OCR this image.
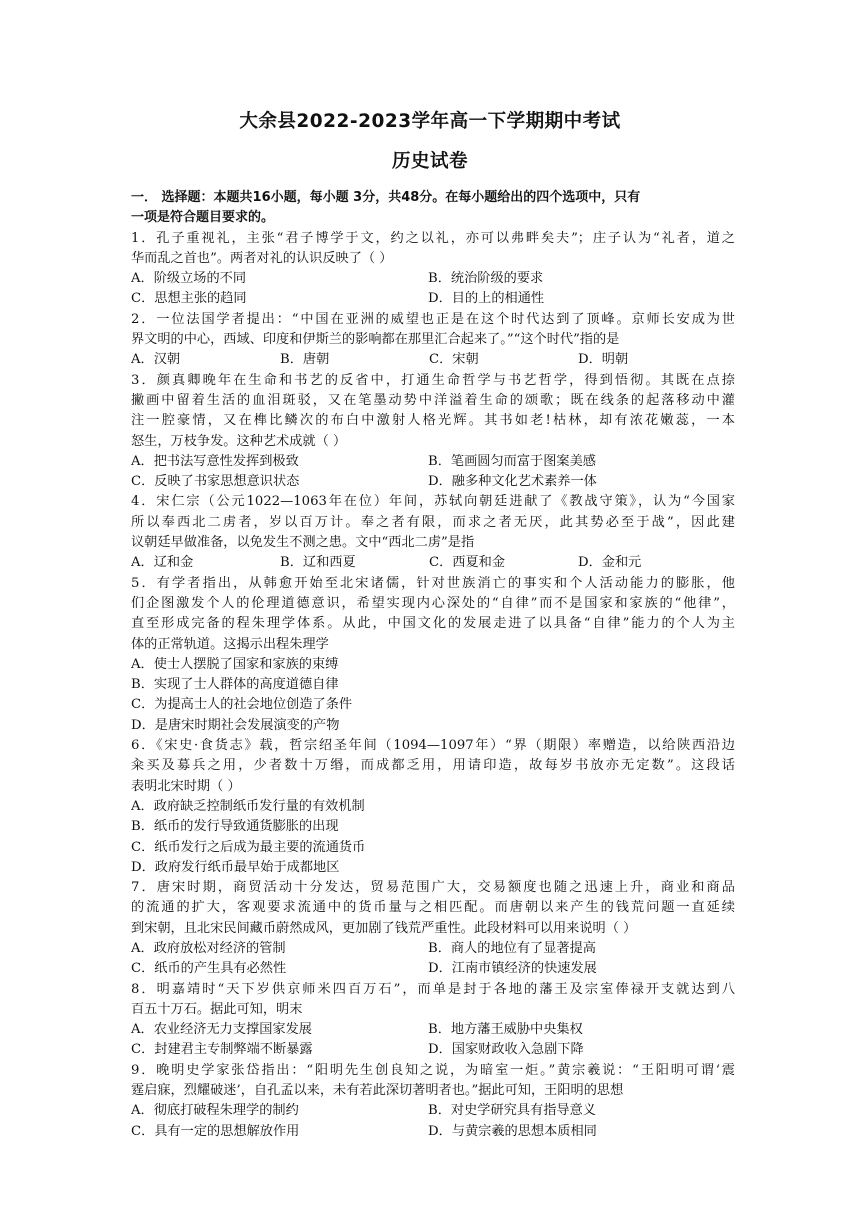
大余县2022-2023学年高一下学期期中考试
历史试卷
一． 选择题：本题共16小题，每小题 3分，共48分。在每小题给出的四个选项中，只有
一项是符合题目要求的。
1．孔子重视礼，主张“君子博学于文，约之以礼，亦可以弗畔矣夫”；庄子认为“礼者，道之
华而乱之首也”。两者对礼的认识反映了（ ）
A．阶级立场的不同	B．统治阶级的要求
C．思想主张的趋同	D．目的上的相通性
2．一位法国学者提出：“中国在亚洲的威望也正是在这个时代达到了顶峰。京师长安成为世
界文明的中心，西域、印度和伊斯兰的影响都在那里汇合起来了。”“这个时代”指的是
A．汉朝	B．唐朝	C．宋朝	D．明朝
3．颜真卿晚年在生命和书艺的反省中，打通生命哲学与书艺哲学，得到悟彻。其既在点捺
撇画中留着生活的血泪斑驳，又在笔墨动势中洋溢着生命的颂歌；既在线条的起落移动中灌
注一腔豪情，又在榫比鳞次的布白中激射人格光辉。其书如老!枯林，却有浓花嫩蕊，一本
怒生，万枝争发。这种艺术成就（ ）
A．把书法写意性发挥到极致	B．笔画圆匀而富于图案美感
C．反映了书家思想意识状态	D．融多种文化艺术素养一体
4．宋仁宗（公元1022—1063年在位）年间，苏轼向朝廷进献了《教战守策》，认为“今国家
所以奉西北二虏者，岁以百万计。奉之者有限，而求之者无厌，此其势必至于战”，因此建
议朝廷早做准备，以免发生不测之患。文中“西北二虏”是指
A．辽和金	B．辽和西夏	C．西夏和金	D．金和元
5．有学者指出，从韩愈开始至北宋诸儒，针对世族消亡的事实和个人活动能力的膨胀，他
们企图激发个人的伦理道德意识，希望实现内心深处的“自律”而不是国家和家族的“他律”，
直至形成完备的程朱理学体系。从此，中国文化的发展走进了以具备“自律”能力的个人为主
体的正常轨道。这揭示出程朱理学
A．使士人摆脱了国家和家族的束缚
B．实现了士人群体的高度道德自律
C．为提高士人的社会地位创造了条件
D．是唐宋时期社会发展演变的产物
6．《宋史·食货志》载，哲宗绍圣年间（1094—1097年）“界（期限）率赠造，以给陕西沿边
籴买及募兵之用，少者数十万缗，而成都乏用，用请印造，故每岁书放亦无定数”。这段话
表明北宋时期（ ）
A．政府缺乏控制纸币发行量的有效机制
B．纸币的发行导致通货膨胀的出现
C．纸币发行之后成为最主要的流通货币
D．政府发行纸币最早始于成都地区
7．唐宋时期，商贸活动十分发达，贸易范围广大，交易额度也随之迅速上升，商业和商品
的流通的扩大，客观要求流通中的货币量与之相匹配。而唐朝以来产生的钱荒问题一直延续
到宋朝，且北宋民间藏币蔚然成风，更加剧了钱荒严重性。此段材料可以用来说明（ ）
A．政府放松对经济的管制	B．商人的地位有了显著提高
C．纸币的产生具有必然性	D．江南市镇经济的快速发展
8．明嘉靖时“天下岁供京师米四百万石”，而单是封于各地的藩王及宗室俸禄开支就达到八
百五十万石。据此可知，明末
A．农业经济无力支撑国家发展	B．地方藩王威胁中央集权
C．封建君主专制弊端不断暴露	D．国家财政收入急剧下降
9．晚明史学家张岱指出：“阳明先生创良知之说，为暗室一炬。”黄宗羲说：“王阳明可谓‘震
霆启寐，烈耀破迷’，自孔孟以来，未有若此深切著明者也。”据此可知，王阳明的思想
A．彻底打破程朱理学的制约	B．对史学研究具有指导意义
C．具有一定的思想解放作用	D．与黄宗羲的思想本质相同
